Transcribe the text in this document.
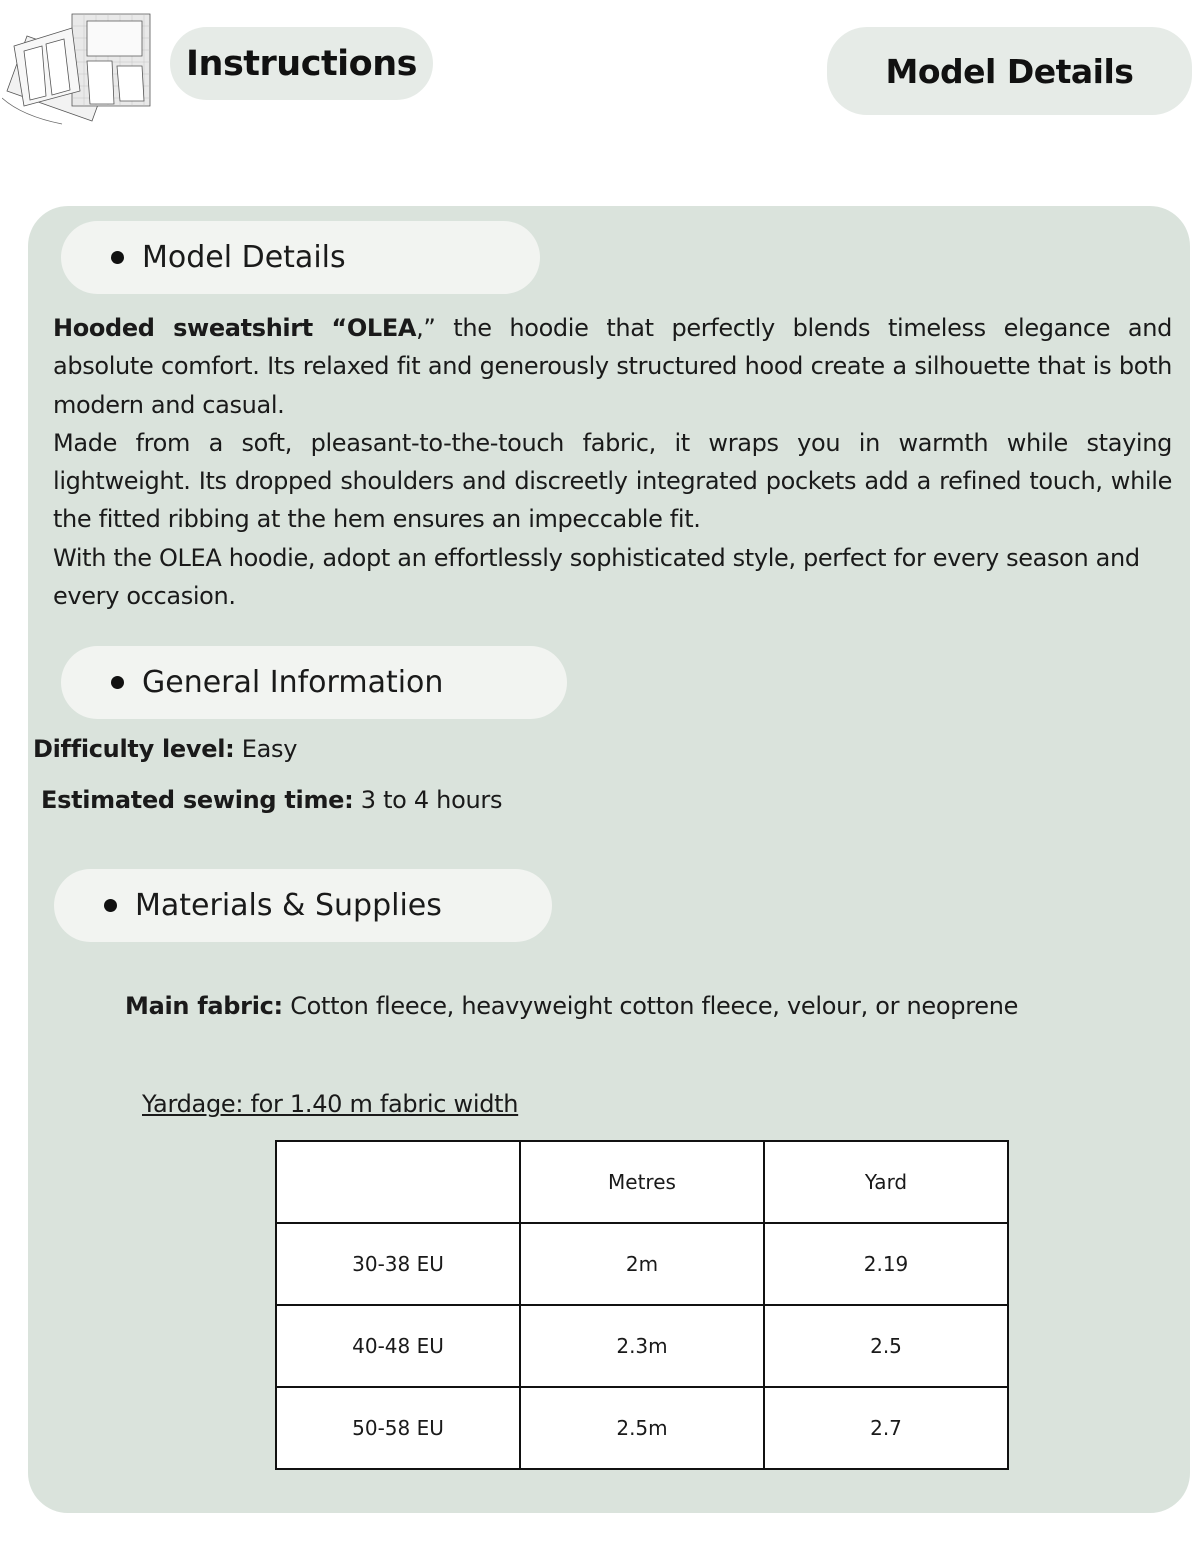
Instructions	Model Details
Model Details

Hooded sweatshirt “OLEA,” the hoodie that perfectly blends timeless elegance and absolute comfort. Its relaxed fit and generously structured hood create a silhouette that is both modern and casual.

Made from a soft, pleasant-to-the-touch fabric, it wraps you in warmth while staying lightweight. Its dropped shoulders and discreetly integrated pockets add a refined touch, while the fitted ribbing at the hem ensures an impeccable fit.

With the OLEA hoodie, adopt an effortlessly sophisticated style, perfect for every season and every occasion.

General Information
Difficulty level: Easy
Estimated sewing time: 3 to 4 hours
Materials & Supplies
Main fabric: Cotton fleece, heavyweight cotton fleece, velour, or neoprene
Yardage: for 1.40 m fabric width
	Metres	Yard
30-38 EU	2m	2.19
40-48 EU	2.3m	2.5
50-58 EU	2.5m	2.7
